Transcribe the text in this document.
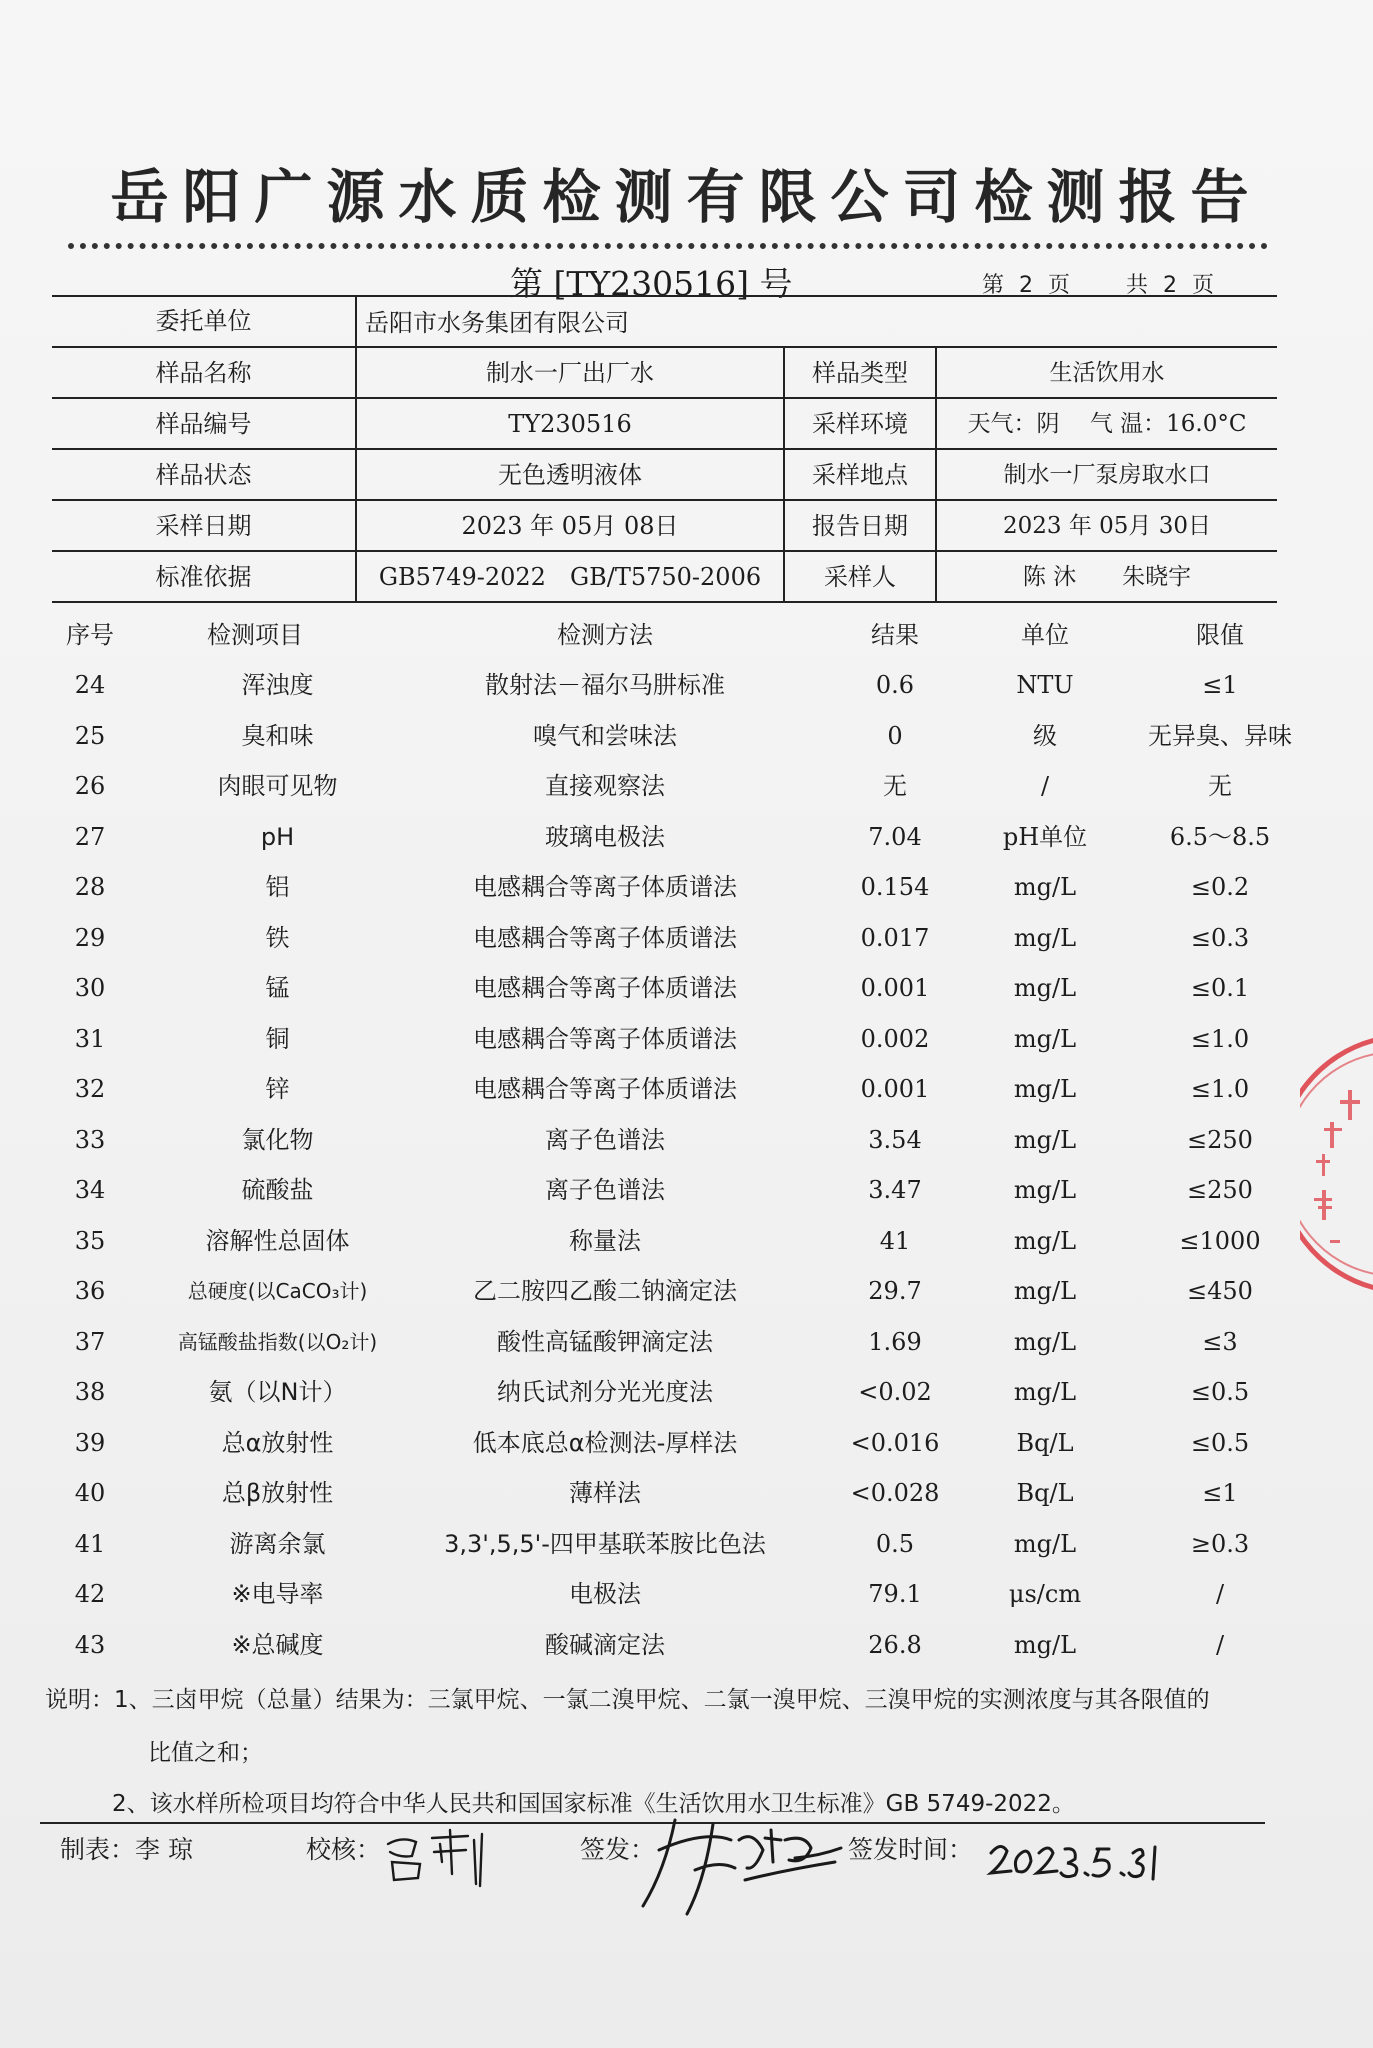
岳阳广源水质检测有限公司检测报告
第 [TY230516] 号	第 2 页　　共 2 页
委托单位	岳阳市水务集团有限公司
样品名称	制水一厂出厂水	样品类型	生活饮用水
样品编号	TY230516	采样环境	天气：阴　 气 温：16.0°C
样品状态	无色透明液体	采样地点	制水一厂泵房取水口
采样日期	2023 年 05月 08日	报告日期	2023 年 05月 30日
标准依据	GB5749-2022　GB/T5750-2006	采样人	陈 沐　　朱晓宇
序号	检测项目	检测方法	结果	单位	限值
24	浑浊度	散射法－福尔马肼标准	0.6	NTU	≤1
25	臭和味	嗅气和尝味法	0	级	无异臭、异味
26	肉眼可见物	直接观察法	无	/	无
27	pH	玻璃电极法	7.04	pH单位	6.5～8.5
28	铝	电感耦合等离子体质谱法	0.154	mg/L	≤0.2
29	铁	电感耦合等离子体质谱法	0.017	mg/L	≤0.3
30	锰	电感耦合等离子体质谱法	0.001	mg/L	≤0.1
31	铜	电感耦合等离子体质谱法	0.002	mg/L	≤1.0
32	锌	电感耦合等离子体质谱法	0.001	mg/L	≤1.0
33	氯化物	离子色谱法	3.54	mg/L	≤250
34	硫酸盐	离子色谱法	3.47	mg/L	≤250
35	溶解性总固体	称量法	41	mg/L	≤1000
36	总硬度(以CaCO₃计)	乙二胺四乙酸二钠滴定法	29.7	mg/L	≤450
37	高锰酸盐指数(以O₂计)	酸性高锰酸钾滴定法	1.69	mg/L	≤3
38	氨（以N计）	纳氏试剂分光光度法	<0.02	mg/L	≤0.5
39	总α放射性	低本底总α检测法-厚样法	<0.016	Bq/L	≤0.5
40	总β放射性	薄样法	<0.028	Bq/L	≤1
41	游离余氯	3,3',5,5'-四甲基联苯胺比色法	0.5	mg/L	≥0.3
42	※电导率	电极法	79.1	μs/cm	/
43	※总碱度	酸碱滴定法	26.8	mg/L	/
说明：1、三卤甲烷（总量）结果为：三氯甲烷、一氯二溴甲烷、二氯一溴甲烷、三溴甲烷的实测浓度与其各限值的
比值之和；
2、该水样所检项目均符合中华人民共和国国家标准《生活饮用水卫生标准》GB 5749-2022。
制表：李 琼	校核：	签发：	签发时间：
